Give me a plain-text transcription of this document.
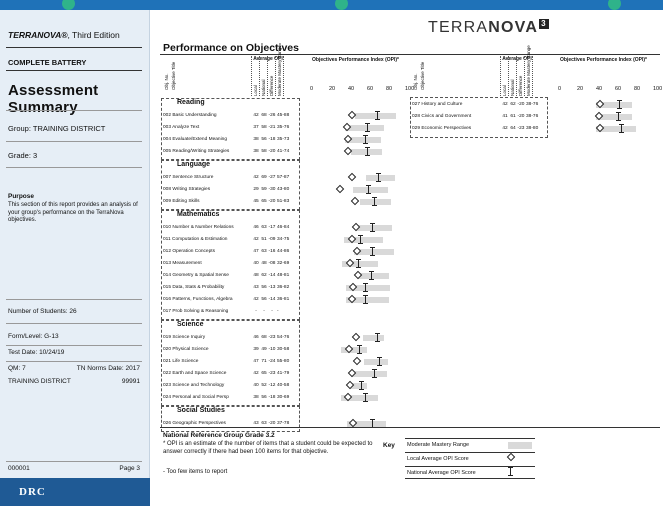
TERRANOVA®, Third Edition
COMPLETE BATTERY
Assessment Summary
Group: TRAINING DISTRICT
Grade: 3
Purpose
This section of this report provides an analysis of your group's performance on the TerraNova objectives.
Number of Students: 26
Form/Level: G-13
Test Date: 10/24/19
QM: 7	TN Norms Date: 2017
TRAINING DISTRICT	99991
000001	Page 3
DRC
TERRANOVA 3
Performance on Objectives
Obj. No. Objective Title
Average OPI
Local National Difference Moderate Mastery Range	Objectives Performance Index (OPI)*
0	20 40 60 80 100
Obj. No. Objective Title
Average OPI
Local National Difference Moderate Mastery Range	Objectives Performance Index (OPI)*
0	20 40 60 80 100
Reading
002 Basic Understanding	42 68 -26 45-88
003 Analyze Text	37 58 -21 35-76
004 Evaluate/Extend Meaning	38 56 -18 35-73
005 Reading/Writing Strategies	38 58 -20 41-74
Language
007 Sentence Structure	42 69 -27 57-87
008 Writing Strategies	29 59 -30 43-80
009 Editing Skills	45 65 -20 51-83
Mathematics
010 Number & Number Relations	46 63 -17 46-84
011 Computation & Estimation	42 51 -09 34-75
012 Operation Concepts	47 63 -16 44-86
013 Measurement	40 48 -08 32-69
014 Geometry & Spatial Sense	48 62 -14 48-81
015 Data, Stats & Probability	43 56 -13 36-82
016 Patterns, Functions, Algebra	42 56 -14 36-81
017 Prob Solving & Reasoning	-	-	- -
Science
019 Science Inquiry	46 68 -23 54-76
020 Physical Science	39 49 -10 30-58
021 Life Science	47 71 -24 55-80
022 Earth and Space Science	42 65 -23 41-79
023 Science and Technology	40 52 -12 40-58
024 Personal and Social Persp	38 56 -18 30-69
Social Studies
026 Geographic Perspectives	43 63 -20 37-78
027 History and Culture	42 62 -20 38-76
028 Civics and Government	41 61 -20 38-76
029 Economic Perspectives	42 64 -23 38-80
National Reference Group Grade 3.2
* OPI is an estimate of the number of items that a student could be expected to answer correctly if there had been 100 items for that objective.
- Too few items to report
Key	Moderate Mastery Range
Local Average OPI Score
National Average OPI Score
